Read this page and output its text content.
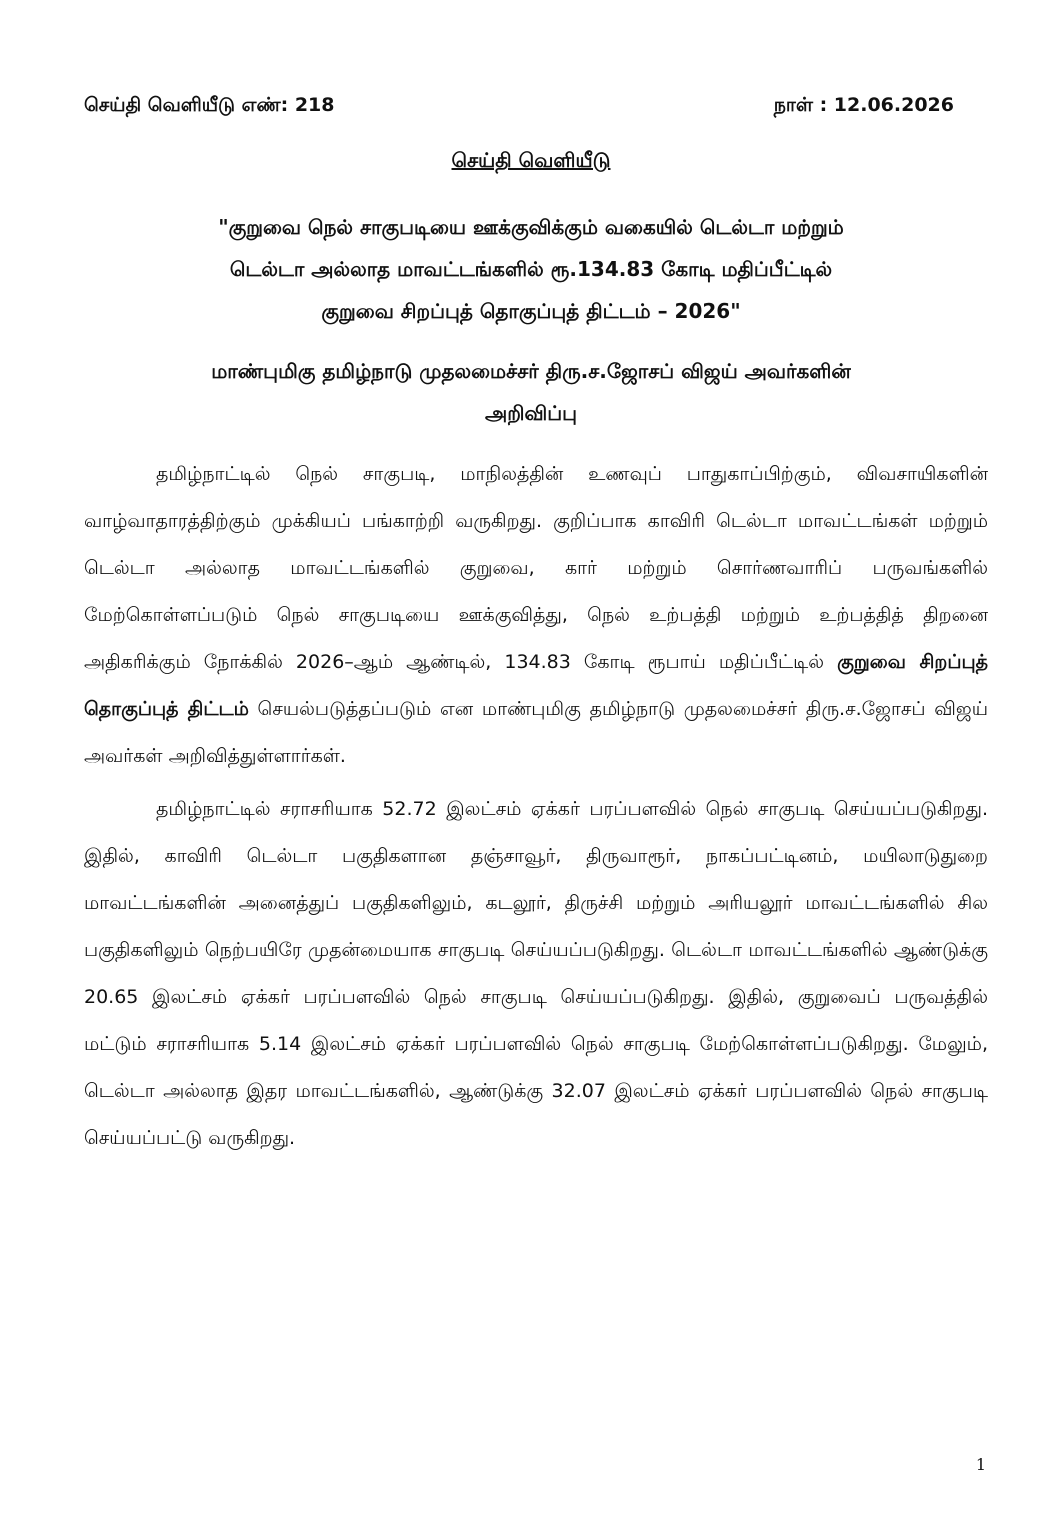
செய்தி வெளியீடு எண்: 218	நாள் : 12.06.2026
செய்தி வெளியீடு
"குறுவை நெல் சாகுபடியை ஊக்குவிக்கும் வகையில் டெல்டா மற்றும்
டெல்டா அல்லாத மாவட்டங்களில் ரூ.134.83 கோடி மதிப்பீட்டில்
குறுவை சிறப்புத் தொகுப்புத் திட்டம் – 2026"
மாண்புமிகு தமிழ்நாடு முதலமைச்சர் திரு.ச.ஜோசப் விஜய் அவர்களின்
அறிவிப்பு

தமிழ்நாட்டில் நெல் சாகுபடி, மாநிலத்தின் உணவுப் பாதுகாப்பிற்கும், விவசாயிகளின் வாழ்வாதாரத்திற்கும் முக்கியப் பங்காற்றி வருகிறது. குறிப்பாக காவிரி டெல்டா மாவட்டங்கள் மற்றும் டெல்டா அல்லாத மாவட்டங்களில் குறுவை, கார் மற்றும் சொர்ணவாரிப் பருவங்களில் மேற்கொள்ளப்படும் நெல் சாகுபடியை ஊக்குவித்து, நெல் உற்பத்தி மற்றும் உற்பத்தித் திறனை அதிகரிக்கும் நோக்கில் 2026–ஆம் ஆண்டில், 134.83 கோடி ரூபாய் மதிப்பீட்டில் குறுவை சிறப்புத் தொகுப்புத் திட்டம் செயல்படுத்தப்படும் என மாண்புமிகு தமிழ்நாடு முதலமைச்சர் திரு.ச.ஜோசப் விஜய் அவர்கள் அறிவித்துள்ளார்கள்.

தமிழ்நாட்டில் சராசரியாக 52.72 இலட்சம் ஏக்கர் பரப்பளவில் நெல் சாகுபடி செய்யப்படுகிறது. இதில், காவிரி டெல்டா பகுதிகளான தஞ்சாவூர், திருவாரூர், நாகப்பட்டினம், மயிலாடுதுறை மாவட்டங்களின் அனைத்துப் பகுதிகளிலும், கடலூர், திருச்சி மற்றும் அரியலூர் மாவட்டங்களில் சில பகுதிகளிலும் நெற்பயிரே முதன்மையாக சாகுபடி செய்யப்படுகிறது. டெல்டா மாவட்டங்களில் ஆண்டுக்கு 20.65 இலட்சம் ஏக்கர் பரப்பளவில் நெல் சாகுபடி செய்யப்படுகிறது. இதில், குறுவைப் பருவத்தில் மட்டும் சராசரியாக 5.14 இலட்சம் ஏக்கர் பரப்பளவில் நெல் சாகுபடி மேற்கொள்ளப்படுகிறது. மேலும், டெல்டா அல்லாத இதர மாவட்டங்களில், ஆண்டுக்கு 32.07 இலட்சம் ஏக்கர் பரப்பளவில் நெல் சாகுபடி செய்யப்பட்டு வருகிறது.

1
